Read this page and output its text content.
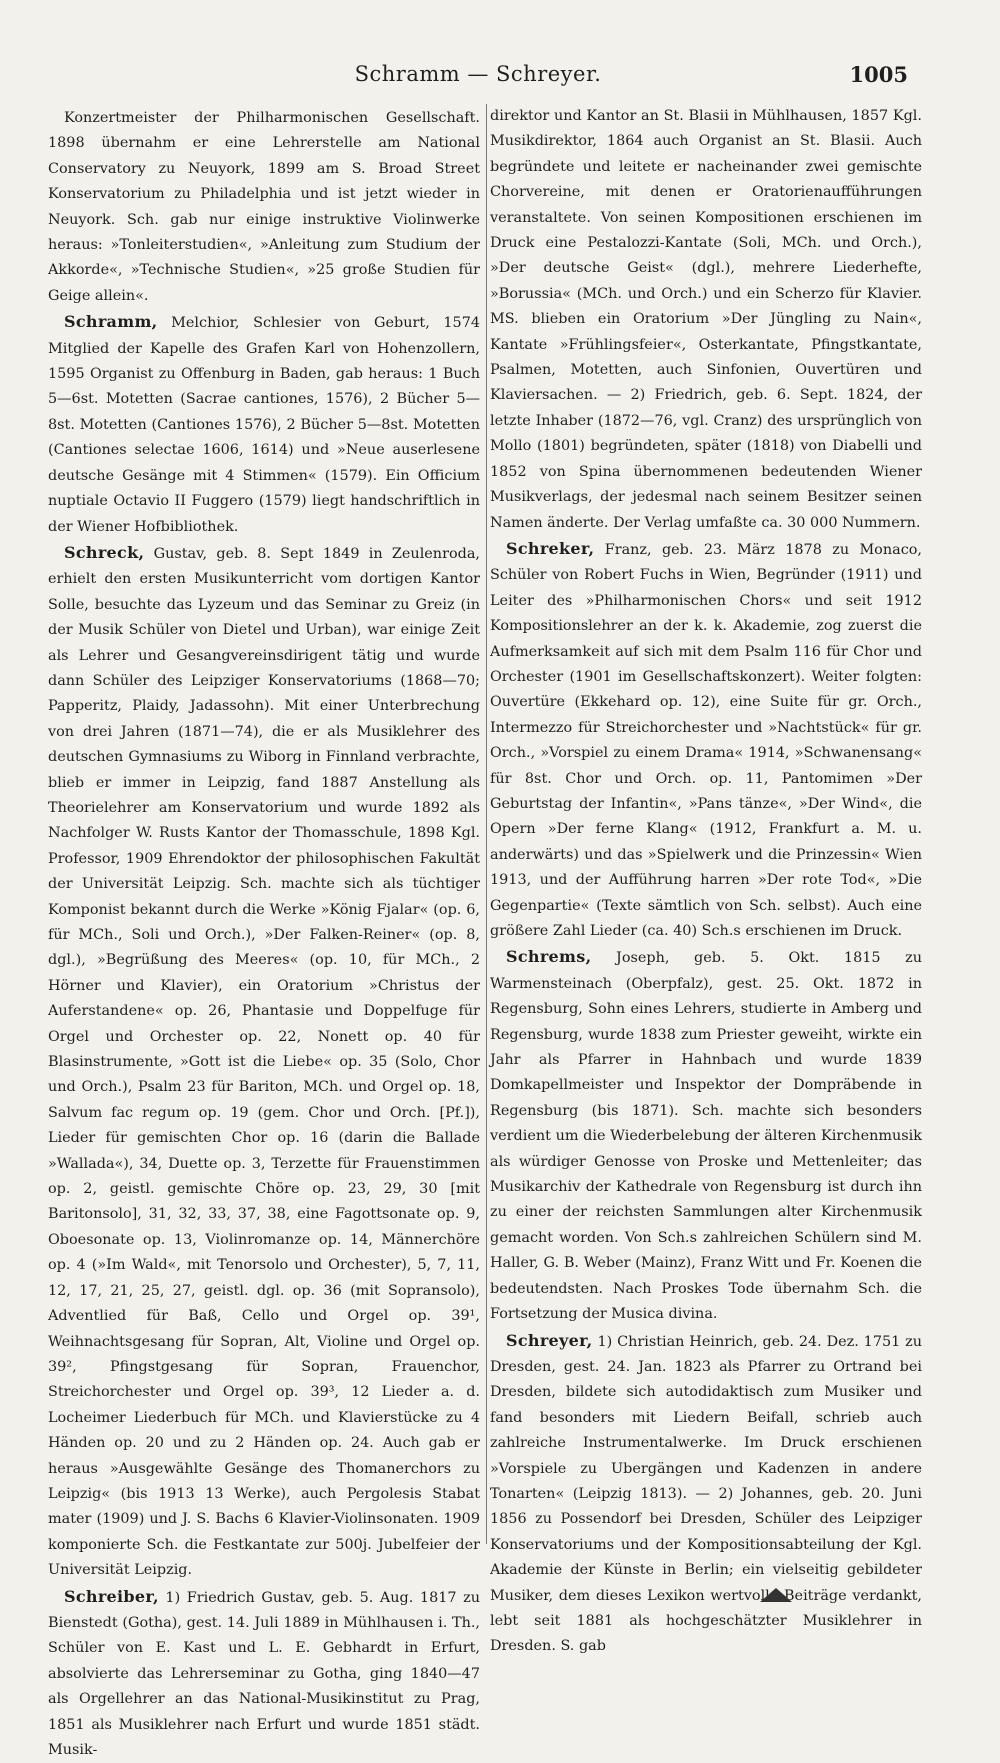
Schramm — Schreyer.	1005

Konzertmeister der Philharmonischen Gesellschaft. 1898 übernahm er eine Lehrerstelle am National Conservatory zu Neuyork, 1899 am S. Broad Street Konservatorium zu Philadelphia und ist jetzt wieder in Neuyork. Sch. gab nur einige instruktive Violinwerke heraus: »Tonleiterstudien«, »Anleitung zum Studium der Akkorde«, »Technische Studien«, »25 große Studien für Geige allein«.

Schramm, Melchior, Schlesier von Geburt, 1574 Mitglied der Kapelle des Grafen Karl von Hohenzollern, 1595 Organist zu Offenburg in Baden, gab heraus: 1 Buch 5—6st. Motetten (Sacrae cantiones, 1576), 2 Bücher 5—8st. Motetten (Cantiones 1576), 2 Bücher 5—8st. Motetten (Cantiones selectae 1606, 1614) und »Neue auserlesene deutsche Gesänge mit 4 Stimmen« (1579). Ein Officium nuptiale Octavio II Fuggero (1579) liegt handschriftlich in der Wiener Hofbibliothek.

Schreck, Gustav, geb. 8. Sept 1849 in Zeulenroda, erhielt den ersten Musikunterricht vom dortigen Kantor Solle, besuchte das Lyzeum und das Seminar zu Greiz (in der Musik Schüler von Dietel und Urban), war einige Zeit als Lehrer und Gesangvereinsdirigent tätig und wurde dann Schüler des Leipziger Konservatoriums (1868—70; Papperitz, Plaidy, Jadassohn). Mit einer Unterbrechung von drei Jahren (1871—74), die er als Musiklehrer des deutschen Gymnasiums zu Wiborg in Finnland verbrachte, blieb er immer in Leipzig, fand 1887 Anstellung als Theorielehrer am Konservatorium und wurde 1892 als Nachfolger W. Rusts Kantor der Thomasschule, 1898 Kgl. Professor, 1909 Ehrendoktor der philosophischen Fakultät der Universität Leipzig. Sch. machte sich als tüchtiger Komponist bekannt durch die Werke »König Fjalar« (op. 6, für MCh., Soli und Orch.), »Der Falken-Reiner« (op. 8, dgl.), »Begrüßung des Meeres« (op. 10, für MCh., 2 Hörner und Klavier), ein Oratorium »Christus der Auferstandene« op. 26, Phantasie und Doppelfuge für Orgel und Orchester op. 22, Nonett op. 40 für Blasinstrumente, »Gott ist die Liebe« op. 35 (Solo, Chor und Orch.), Psalm 23 für Bariton, MCh. und Orgel op. 18, Salvum fac regum op. 19 (gem. Chor und Orch. [Pf.]), Lieder für gemischten Chor op. 16 (darin die Ballade »Wallada«), 34, Duette op. 3, Terzette für Frauenstimmen op. 2, geistl. gemischte Chöre op. 23, 29, 30 [mit Baritonsolo], 31, 32, 33, 37, 38, eine Fagottsonate op. 9, Oboesonate op. 13, Violinromanze op. 14, Männerchöre op. 4 (»Im Wald«, mit Tenorsolo und Orchester), 5, 7, 11, 12, 17, 21, 25, 27, geistl. dgl. op. 36 (mit Sopransolo), Adventlied für Baß, Cello und Orgel op. 39¹, Weihnachtsgesang für Sopran, Alt, Violine und Orgel op. 39², Pfingstgesang für Sopran, Frauenchor, Streichorchester und Orgel op. 39³, 12 Lieder a. d. Locheimer Liederbuch für MCh. und Klavierstücke zu 4 Händen op. 20 und zu 2 Händen op. 24. Auch gab er heraus »Ausgewählte Gesänge des Thomanerchors zu Leipzig« (bis 1913 13 Werke), auch Pergolesis Stabat mater (1909) und J. S. Bachs 6 Klavier-Violinsonaten. 1909 komponierte Sch. die Festkantate zur 500j. Jubelfeier der Universität Leipzig.

Schreiber, 1) Friedrich Gustav, geb. 5. Aug. 1817 zu Bienstedt (Gotha), gest. 14. Juli 1889 in Mühlhausen i. Th., Schüler von E. Kast und L. E. Gebhardt in Erfurt, absolvierte das Lehrerseminar zu Gotha, ging 1840—47 als Orgellehrer an das National-Musikinstitut zu Prag, 1851 als Musiklehrer nach Erfurt und wurde 1851 städt. Musik-

direktor und Kantor an St. Blasii in Mühlhausen, 1857 Kgl. Musikdirektor, 1864 auch Organist an St. Blasii. Auch begründete und leitete er nacheinander zwei gemischte Chorvereine, mit denen er Oratorienaufführungen veranstaltete. Von seinen Kompositionen erschienen im Druck eine Pestalozzi-Kantate (Soli, MCh. und Orch.), »Der deutsche Geist« (dgl.), mehrere Liederhefte, »Borussia« (MCh. und Orch.) und ein Scherzo für Klavier. MS. blieben ein Oratorium »Der Jüngling zu Nain«, Kantate »Frühlingsfeier«, Osterkantate, Pfingstkantate, Psalmen, Motetten, auch Sinfonien, Ouvertüren und Klaviersachen. — 2) Friedrich, geb. 6. Sept. 1824, der letzte Inhaber (1872—76, vgl. Cranz) des ursprünglich von Mollo (1801) begründeten, später (1818) von Diabelli und 1852 von Spina übernommenen bedeutenden Wiener Musikverlags, der jedesmal nach seinem Besitzer seinen Namen änderte. Der Verlag umfaßte ca. 30 000 Nummern.

Schreker, Franz, geb. 23. März 1878 zu Monaco, Schüler von Robert Fuchs in Wien, Begründer (1911) und Leiter des »Philharmonischen Chors« und seit 1912 Kompositionslehrer an der k. k. Akademie, zog zuerst die Aufmerksamkeit auf sich mit dem Psalm 116 für Chor und Orchester (1901 im Gesellschaftskonzert). Weiter folgten: Ouvertüre (Ekkehard op. 12), eine Suite für gr. Orch., Intermezzo für Streichorchester und »Nachtstück« für gr. Orch., »Vorspiel zu einem Drama« 1914, »Schwanensang« für 8st. Chor und Orch. op. 11, Pantomimen »Der Geburtstag der Infantin«, »Pans tänze«, »Der Wind«, die Opern »Der ferne Klang« (1912, Frankfurt a. M. u. anderwärts) und das »Spielwerk und die Prinzessin« Wien 1913, und der Aufführung harren »Der rote Tod«, »Die Gegenpartie« (Texte sämtlich von Sch. selbst). Auch eine größere Zahl Lieder (ca. 40) Sch.s erschienen im Druck.

Schrems, Joseph, geb. 5. Okt. 1815 zu Warmensteinach (Oberpfalz), gest. 25. Okt. 1872 in Regensburg, Sohn eines Lehrers, studierte in Amberg und Regensburg, wurde 1838 zum Priester geweiht, wirkte ein Jahr als Pfarrer in Hahnbach und wurde 1839 Domkapellmeister und Inspektor der Dompräbende in Regensburg (bis 1871). Sch. machte sich besonders verdient um die Wiederbelebung der älteren Kirchenmusik als würdiger Genosse von Proske und Mettenleiter; das Musikarchiv der Kathedrale von Regensburg ist durch ihn zu einer der reichsten Sammlungen alter Kirchenmusik gemacht worden. Von Sch.s zahlreichen Schülern sind M. Haller, G. B. Weber (Mainz), Franz Witt und Fr. Koenen die bedeutendsten. Nach Proskes Tode übernahm Sch. die Fortsetzung der Musica divina.

Schreyer, 1) Christian Heinrich, geb. 24. Dez. 1751 zu Dresden, gest. 24. Jan. 1823 als Pfarrer zu Ortrand bei Dresden, bildete sich autodidaktisch zum Musiker und fand besonders mit Liedern Beifall, schrieb auch zahlreiche Instrumentalwerke. Im Druck erschienen »Vorspiele zu Ubergängen und Kadenzen in andere Tonarten« (Leipzig 1813). — 2) Johannes, geb. 20. Juni 1856 zu Possendorf bei Dresden, Schüler des Leipziger Konservatoriums und der Kompositionsabteilung der Kgl. Akademie der Künste in Berlin; ein vielseitig gebildeter Musiker, dem dieses Lexikon wertvolle Beiträge verdankt, lebt seit 1881 als hochgeschätzter Musiklehrer in Dresden. S. gab
